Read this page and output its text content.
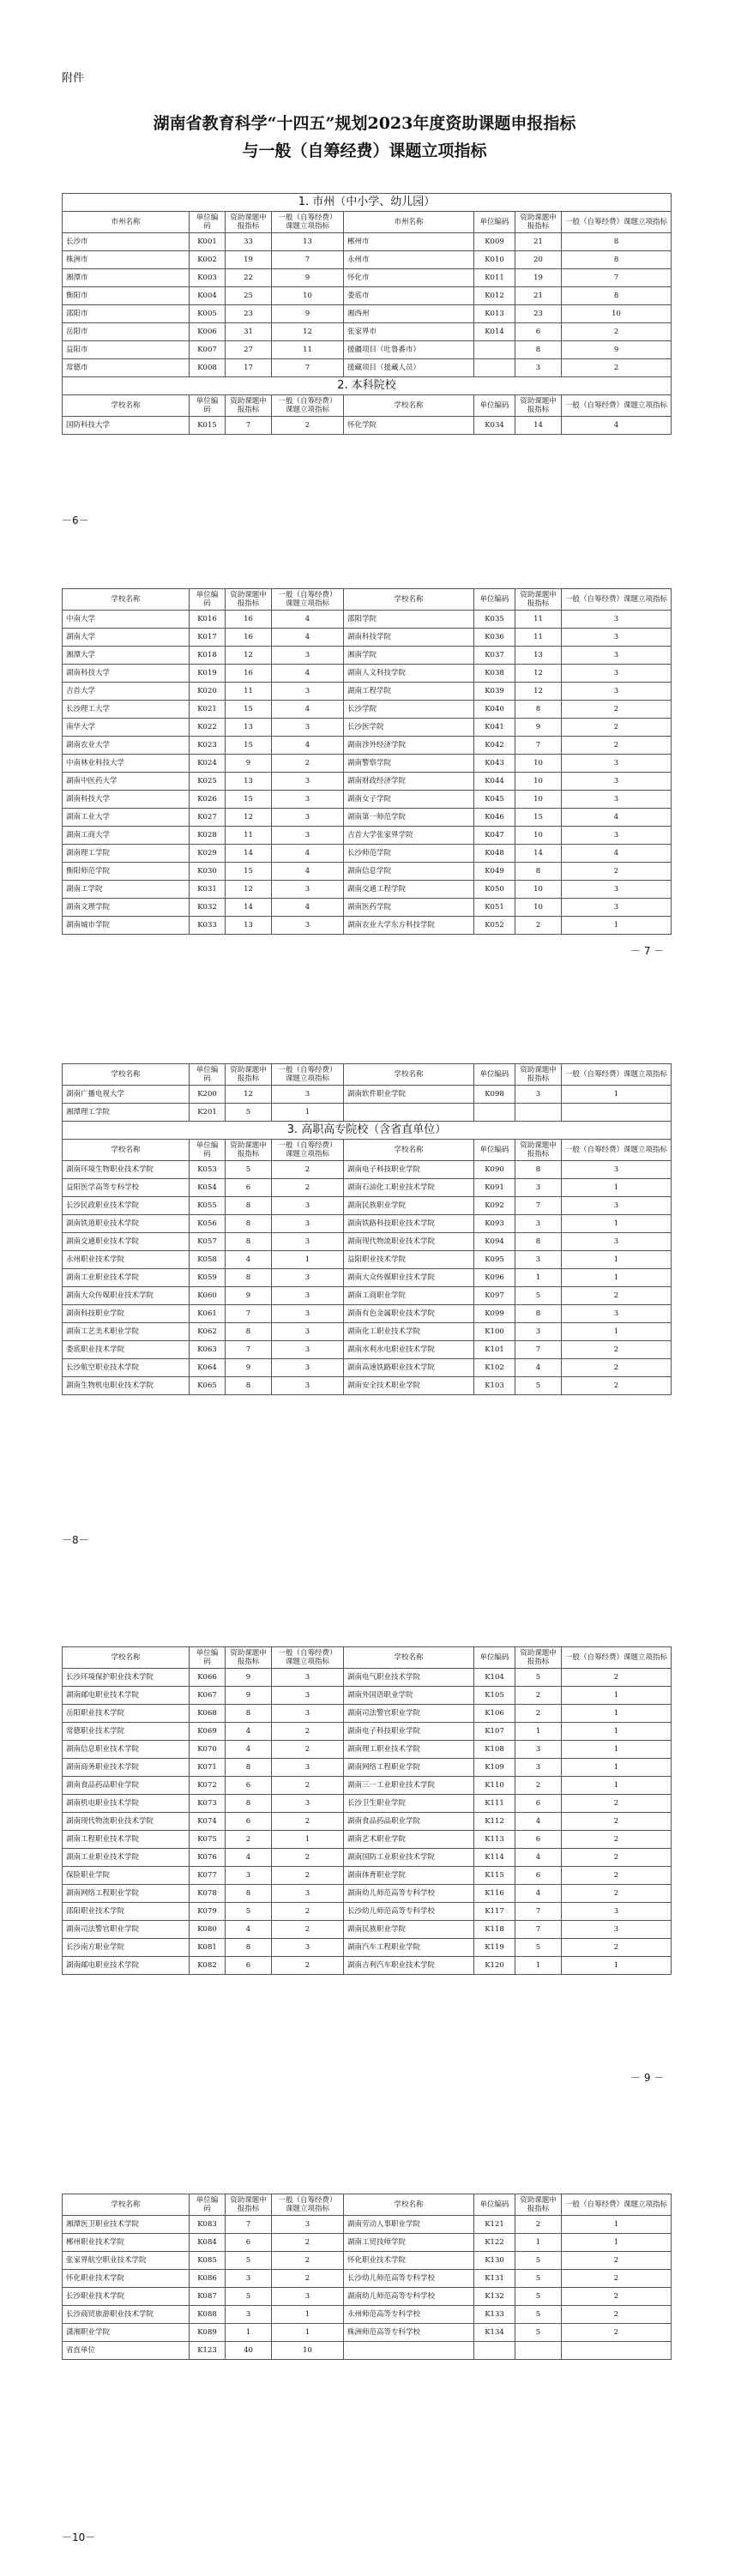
附件
湖南省教育科学“十四五”规划2023年度资助课题申报指标
与一般（自筹经费）课题立项指标
1. 市州（中小学、幼儿园）							
市州名称	单位编码	资助课题申报指标	一般（自筹经费）课题立项指标	市州名称	单位编码	资助课题申报指标	一般（自筹经费）课题立项指标
长沙市	K001	33	13	郴州市	K009	21	8
株洲市	K002	19	7	永州市	K010	20	8
湘潭市	K003	22	9	怀化市	K011	19	7
衡阳市	K004	25	10	娄底市	K012	21	8
邵阳市	K005	23	9	湘西州	K013	23	10
岳阳市	K006	31	12	张家界市	K014	6	2
益阳市	K007	27	11	援疆项目（吐鲁番市）		8	9
常德市	K008	17	7	援藏项目（援藏人员）		3	2
2. 本科院校							
学校名称	单位编码	资助课题申报指标	一般（自筹经费）课题立项指标	学校名称	单位编码	资助课题申报指标	一般（自筹经费）课题立项指标
国防科技大学	K015	7	2	怀化学院	K034	14	4
－6－
学校名称	单位编码	资助课题申报指标	一般（自筹经费）课题立项指标	学校名称	单位编码	资助课题申报指标	一般（自筹经费）课题立项指标
中南大学	K016	16	4	邵阳学院	K035	11	3
湖南大学	K017	16	4	湖南科技学院	K036	11	3
湘潭大学	K018	12	3	湘南学院	K037	13	3
湖南科技大学	K019	16	4	湖南人文科技学院	K038	12	3
吉首大学	K020	11	3	湖南工程学院	K039	12	3
长沙理工大学	K021	15	4	长沙学院	K040	8	2
南华大学	K022	13	3	长沙医学院	K041	9	2
湖南农业大学	K023	15	4	湖南涉外经济学院	K042	7	2
中南林业科技大学	K024	9	2	湖南警察学院	K043	10	3
湖南中医药大学	K025	13	3	湖南财政经济学院	K044	10	3
湖南科技大学	K026	15	3	湖南女子学院	K045	10	3
湖南工业大学	K027	12	3	湖南第一师范学院	K046	15	4
湖南工商大学	K028	11	3	吉首大学张家界学院	K047	10	3
湖南理工学院	K029	14	4	长沙师范学院	K048	14	4
衡阳师范学院	K030	15	4	湖南信息学院	K049	8	2
湖南工学院	K031	12	3	湖南交通工程学院	K050	10	3
湖南文理学院	K032	14	4	湖南医药学院	K051	10	3
湖南城市学院	K033	13	3	湖南农业大学东方科技学院	K052	2	1
－ 7 －
学校名称	单位编码	资助课题申报指标	一般（自筹经费）课题立项指标	学校名称	单位编码	资助课题申报指标	一般（自筹经费）课题立项指标
湖南广播电视大学	K200	12	3	湖南软件职业学院	K098	3	1
湘潭理工学院	K201	5	1				
3. 高职高专院校（含省直单位）							
学校名称	单位编码	资助课题申报指标	一般（自筹经费）课题立项指标	学校名称	单位编码	资助课题申报指标	一般（自筹经费）课题立项指标
湖南环境生物职业技术学院	K053	5	2	湖南电子科技职业学院	K090	8	3
益阳医学高等专科学校	K054	6	2	湖南石油化工职业技术学院	K091	3	1
长沙民政职业技术学院	K055	8	3	湖南民族职业学院	K092	7	3
湖南铁道职业技术学院	K056	8	3	湖南铁路科技职业技术学院	K093	3	1
湖南交通职业技术学院	K057	8	3	湖南现代物流职业技术学院	K094	8	3
永州职业技术学院	K058	4	1	益阳职业技术学院	K095	3	1
湖南工业职业技术学院	K059	8	3	湖南大众传媒职业技术学院	K096	1	1
湖南大众传媒职业技术学院	K060	9	3	湖南工商职业学院	K097	5	2
湖南科技职业学院	K061	7	3	湖南有色金属职业技术学院	K099	8	3
湖南工艺美术职业学院	K062	8	3	湖南化工职业技术学院	K100	3	1
娄底职业技术学院	K063	7	3	湖南水利水电职业技术学院	K101	7	2
长沙航空职业技术学院	K064	9	3	湖南高速铁路职业技术学院	K102	4	2
湖南生物机电职业技术学院	K065	8	3	湖南安全技术职业学院	K103	5	2
－8－
学校名称	单位编码	资助课题申报指标	一般（自筹经费）课题立项指标	学校名称	单位编码	资助课题申报指标	一般（自筹经费）课题立项指标
长沙环境保护职业技术学院	K066	9	3	湖南电气职业技术学院	K104	5	2
湖南邮电职业技术学院	K067	9	3	湖南外国语职业学院	K105	2	1
岳阳职业技术学院	K068	8	3	湖南司法警官职业学院	K106	2	1
常德职业技术学院	K069	4	2	湖南电子科技职业学院	K107	1	1
湖南信息职业技术学院	K070	4	2	湖南理工职业技术学院	K108	3	1
湖南商务职业技术学院	K071	8	3	湖南网络工程职业学院	K109	3	1
湖南食品药品职业学院	K072	6	2	湖南三一工业职业技术学院	K110	2	1
湖南机电职业技术学院	K073	8	3	长沙卫生职业学院	K111	6	2
湖南现代物流职业技术学院	K074	6	2	湖南食品药品职业学院	K112	4	2
湖南工程职业技术学院	K075	2	1	湖南艺术职业学院	K113	6	2
湖南工业职业技术学院	K076	4	2	湖南国防工业职业技术学院	K114	4	2
保险职业学院	K077	3	2	湖南体育职业学院	K115	6	2
湖南网络工程职业学院	K078	8	3	湖南幼儿师范高等专科学校	K116	4	2
邵阳职业技术学院	K079	5	2	长沙幼儿师范高等专科学校	K117	7	3
湖南司法警官职业学院	K080	4	2	湖南民族职业学院	K118	7	3
长沙南方职业学院	K081	8	3	湖南汽车工程职业学院	K119	5	2
湖南邮电职业技术学院	K082	6	2	湖南吉利汽车职业技术学院	K120	1	1
－ 9 －
学校名称	单位编码	资助课题申报指标	一般（自筹经费）课题立项指标	学校名称	单位编码	资助课题申报指标	一般（自筹经费）课题立项指标
湘潭医卫职业技术学院	K083	7	3	湖南劳动人事职业学院	K121	2	1
郴州职业技术学院	K084	6	2	湖南工贸技师学院	K122	1	1
张家界航空职业技术学院	K085	5	2	怀化职业技术学院	K130	5	2
怀化职业技术学院	K086	3	2	长沙幼儿师范高等专科学校	K131	5	2
长沙职业技术学院	K087	5	3	湖南幼儿师范高等专科学校	K132	5	2
长沙商贸旅游职业技术学院	K088	3	1	永州师范高等专科学校	K133	5	2
潇湘职业学院	K089	1	1	株洲师范高等专科学校	K134	5	2
省直单位	K123	40	10				
－10－
